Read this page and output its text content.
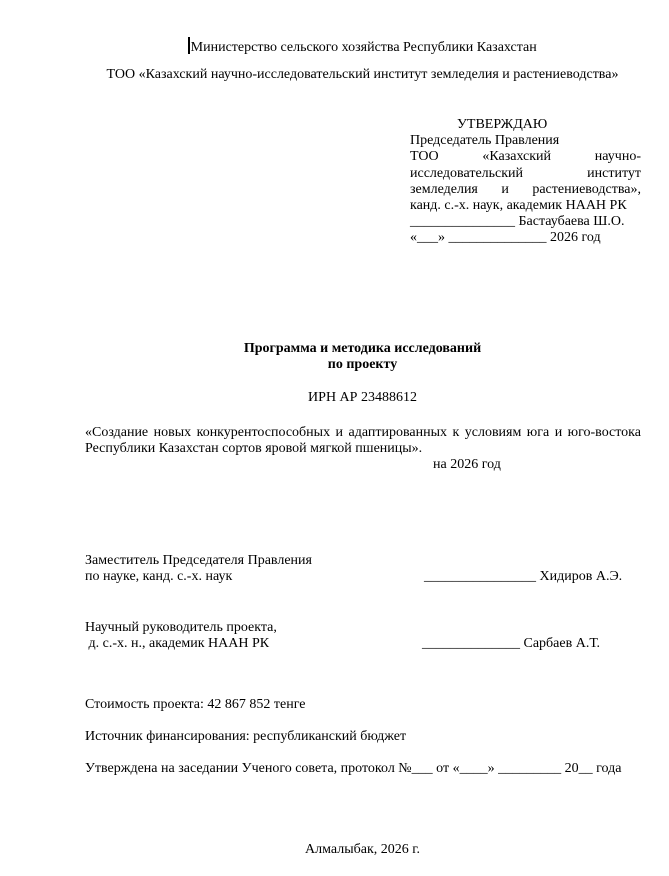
Министерство сельского хозяйства Республики Казахстан
ТОО «Казахский научно-исследовательский институт земледелия и растениеводства»
УТВЕРЖДАЮ
Председатель Правления
ТОО «Казахский научно-
исследовательский институт
земледелия и растениеводства»,
канд. с.-х. наук, академик НААН РК
_______________ Бастаубаева Ш.О.
«___» ______________ 2026 год
Программа и методика исследований
по проекту
ИРН АР 23488612
«Создание новых конкурентоспособных и адаптированных к условиям юга и юго-востока
Республики Казахстан сортов яровой мягкой пшеницы».
на 2026 год
Заместитель Председателя Правления
по науке, канд. с.-х. наук	________________ Хидиров А.Э.
Научный руководитель проекта,
д. с.-х. н., академик НААН РК	______________ Сарбаев А.Т.
Стоимость проекта: 42 867 852 тенге
Источник финансирования: республиканский бюджет
Утверждена на заседании Ученого совета, протокол №___ от «____» _________ 20__ года
Алмалыбак, 2026 г.
